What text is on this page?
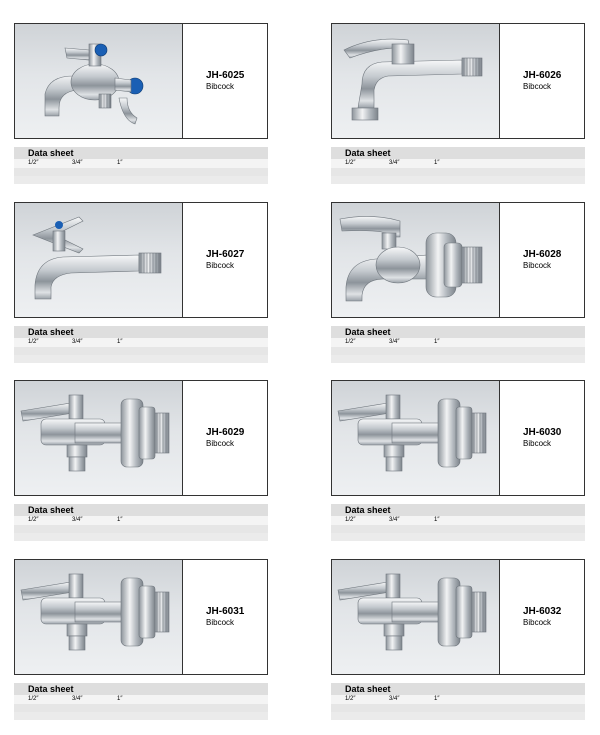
JH-6025
Bibcock
Data sheet
1/2″	3/4″	1″
JH-6026
Bibcock
Data sheet
1/2″	3/4″	1″
JH-6027
Bibcock
Data sheet
1/2″	3/4″	1″
JH-6028
Bibcock
Data sheet
1/2″	3/4″	1″
JH-6029
Bibcock
Data sheet
1/2″	3/4″	1″
JH-6030
Bibcock
Data sheet
1/2″	3/4″	1″
JH-6031
Bibcock
Data sheet
1/2″	3/4″	1″
JH-6032
Bibcock
Data sheet
1/2″	3/4″	1″
